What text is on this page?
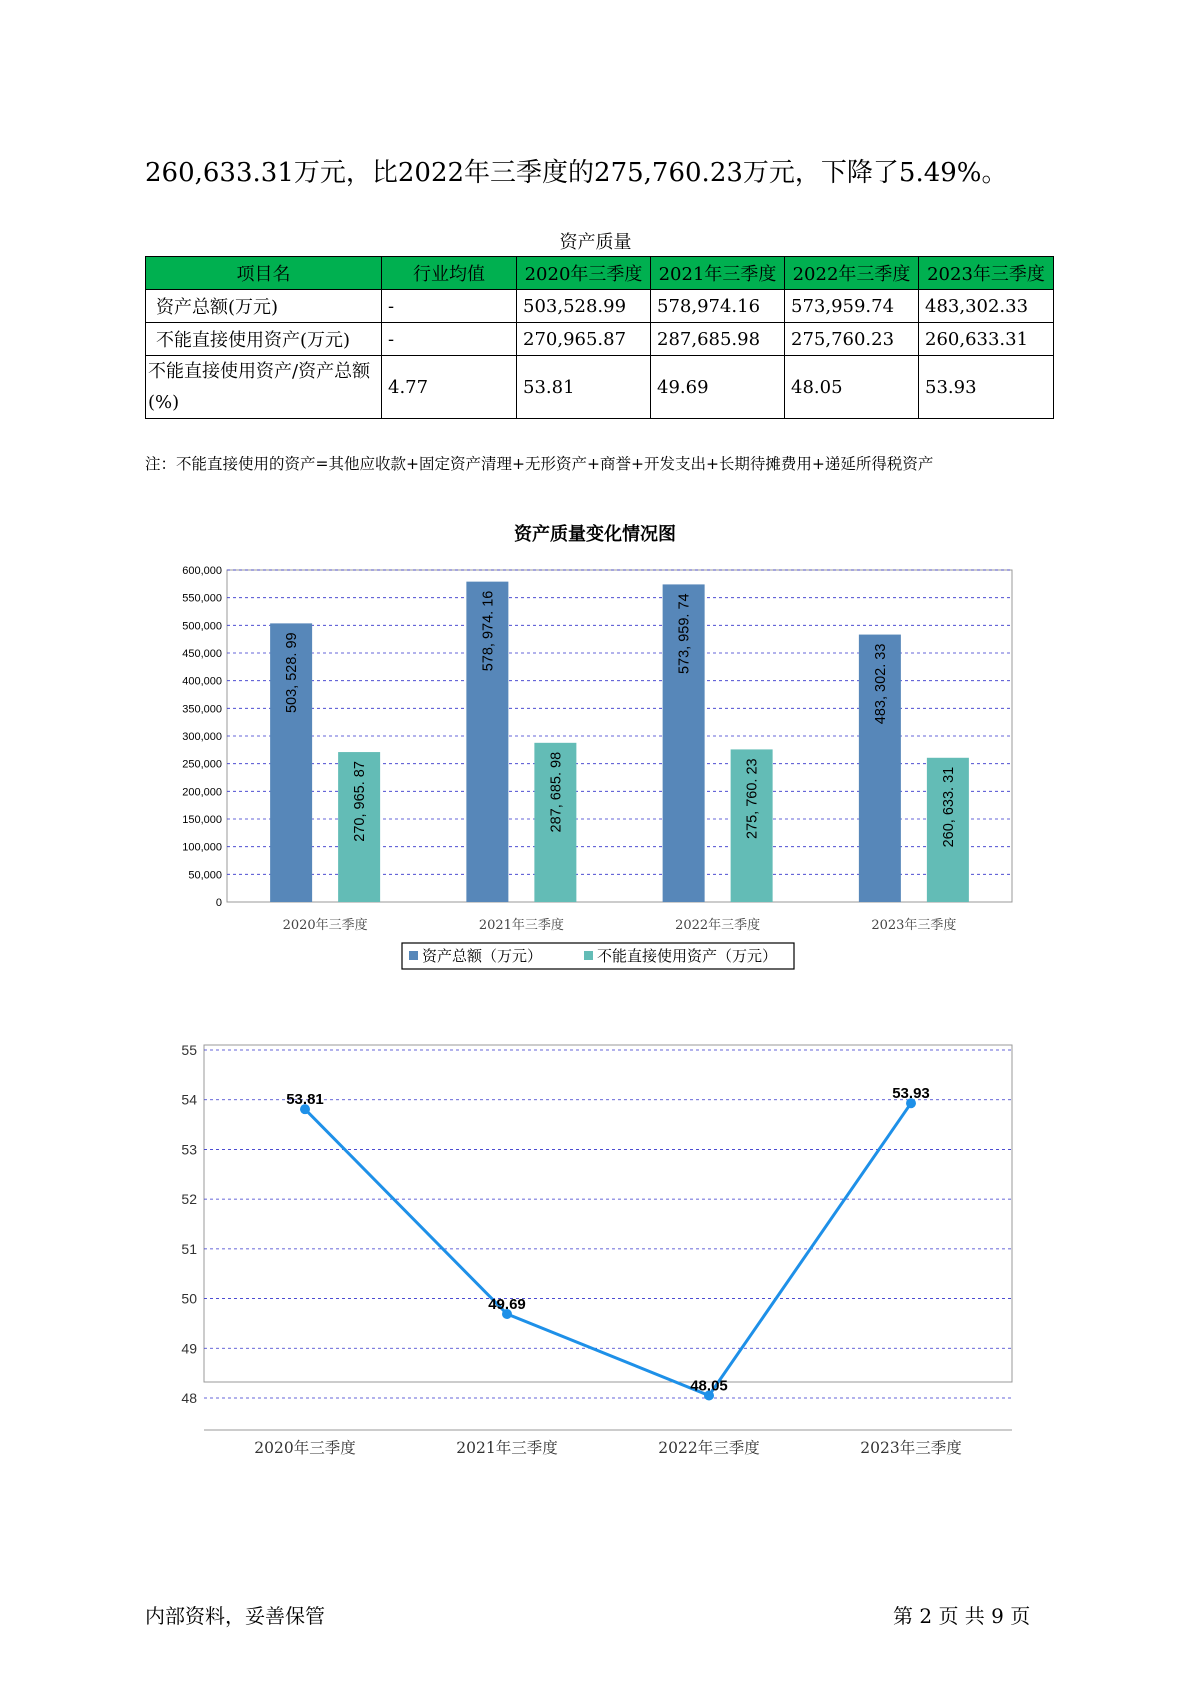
260,633.31万元，比2022年三季度的275,760.23万元，下降了5.49%。
资产质量
项目名	行业均值	2020年三季度	2021年三季度	2022年三季度	2023年三季度
资产总额(万元)	-	503,528.99	578,974.16	573,959.74	483,302.33
不能直接使用资产(万元)	-	270,965.87	287,685.98	275,760.23	260,633.31
不能直接使用资产/资产总额(%)	4.77	53.81	49.69	48.05	53.93
注：不能直接使用的资产=其他应收款+固定资产清理+无形资产+商誉+开发支出+长期待摊费用+递延所得税资产
资产质量变化情况图
0
50,000
100,000
150,000
200,000
250,000
300,000
350,000
400,000
450,000
500,000
550,000
600,000
2020年三季度
503, 528. 99
270, 965. 87
2021年三季度
578, 974. 16
287, 685. 98
2022年三季度
573, 959. 74
275, 760. 23
2023年三季度
483, 302. 33
260, 633. 31
资产总额（万元）	不能直接使用资产（万元）
48
49
50
51
52
53
54
55
53.81
49.69
48.05
53.93
2020年三季度	2021年三季度	2022年三季度	2023年三季度
内部资料，妥善保管	第 2 页 共 9 页
